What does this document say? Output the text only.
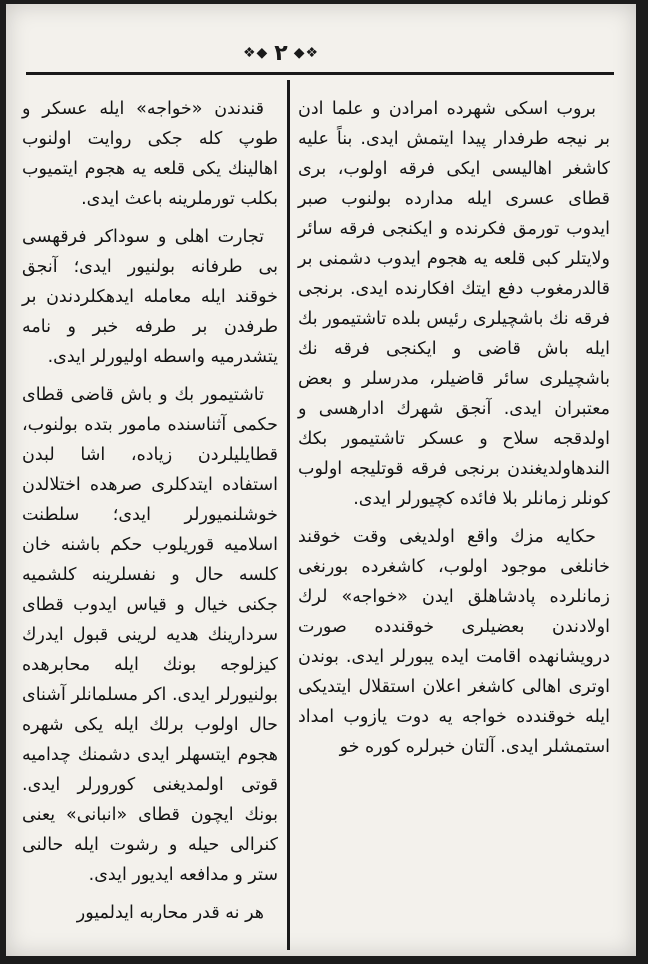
❖◆ ٢ ◆❖

بروب اسكى شهرده امرادن و علما ادن بر نيجه طرفدار پيدا ايتمش ايدى. بناً عليه كاشغر اهاليسى ايكى فرقه اولوب، برى قطاى عسرى ايله مدارده بولنوب صبر ايدوب تورمق فكرنده و ايكنجى فرقه سائر ولايتلر كبى قلعه يه هجوم ايدوب دشمنى بر قالدرمغوب دفع ايتك افكارنده ايدى. برنجى فرقه نك باشچيلرى رئيس بلده تاشتيمور بك ايله باش قاضى و ايكنجى فرقه نك باشچيلرى سائر قاضيلر، مدرسلر و بعض معتبران ايدى. آنجق شهرك ادارهسى و اولدقجه سلاح و عسكر تاشتيمور بكك الندهاولديغندن برنجى فرقه قوتليجه اولوب كونلر زمانلر بلا فائده كچيورلر ايدى.

حكايه مزك واقع اولديغى وقت خوقند خانلغى موجود اولوب، كاشغرده بورنغى زمانلرده پادشاهلق ايدن «خواجه» لرك اولادندن بعضيلرى خوقندده صورت درويشانهده اقامت ايده يبورلر ايدى. بوندن اوترى اهالى كاشغر اعلان استقلال ايتديكى ايله خوقندده خواجه يه دوت يازوب امداد استمشلر ايدى. آلتان خبرلره كوره خو

قندندن «خواجه» ايله عسكر و طوپ كله جكى روايت اولنوب اهالينك يكى قلعه يه هجوم ايتميوب بكلب تورملرينه باعث ايدى.

تجارت اهلى و سوداكر فرقهسى بى طرفانه بولنيور ايدى؛ آنجق خوقند ايله معامله ايدهكلردندن بر طرفدن بر طرفه خبر و نامه يتشدرميه واسطه اوليورلر ايدى.

تاشتيمور بك و باش قاضى قطاى حكمى آثناسنده مامور بتده بولنوب، قطايليلردن زياده، اشا لبدن استفاده ايتدكلرى صرهده اختلالدن خوشلنميورلر ايدى؛ سلطنت اسلاميه قوريلوب حكم باشنه خان كلسه حال و نفسلرينه كلشميه جكنى خيال و قياس ايدوب قطاى سردارينك هديه لرينى قبول ايدرك كيزلوجه بونك ايله محابرهده بولنيورلر ايدى. اكر مسلمانلر آشناى حال اولوب برلك ايله يكى شهره هجوم ايتسهلر ايدى دشمنك چدامیه قوتى اولمديغنى كورورلر ايدى. بونك ايچون قطاى «انبانى» يعنى كنرالى حيله و رشوت ايله حالنى ستر و مدافعه ايديور ايدى.

هر نه قدر محاربه ايدلميور
